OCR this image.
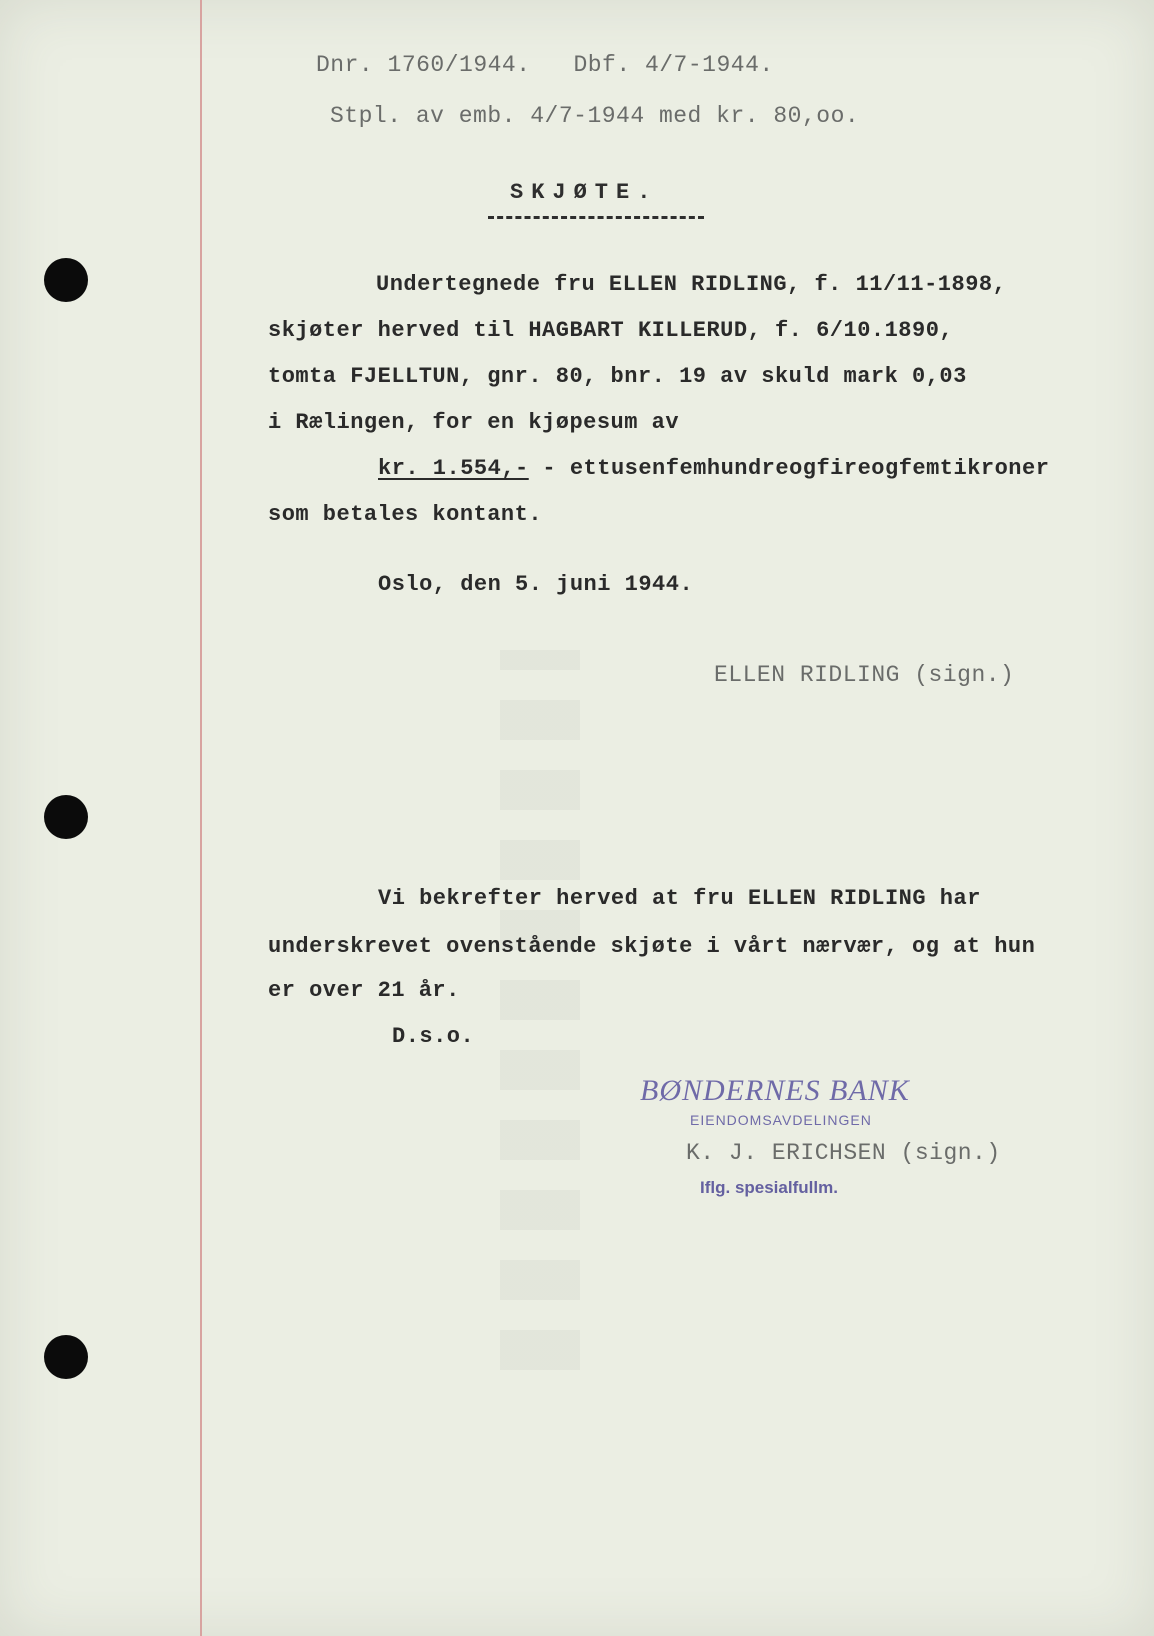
Dnr. 1760/1944.   Dbf. 4/7-1944.
Stpl. av emb. 4/7-1944 med kr. 80,oo.
SKJØTE.
Undertegnede fru ELLEN RIDLING, f. 11/11-1898,
skjøter herved til HAGBART KILLERUD, f. 6/10.1890,
tomta FJELLTUN, gnr. 80, bnr. 19 av skuld mark 0,03
i Rælingen, for en kjøpesum av
kr. 1.554,- - ettusenfemhundreogfireogfemtikroner
som betales kontant.
Oslo, den 5. juni 1944.
ELLEN RIDLING (sign.)
Vi bekrefter herved at fru ELLEN RIDLING har
underskrevet ovenstående skjøte i vårt nærvær, og at hun
er over 21 år.
D.s.o.
BØNDERNES BANK
EIENDOMSAVDELINGEN
K. J. ERICHSEN (sign.)
Iflg. spesialfullm.
